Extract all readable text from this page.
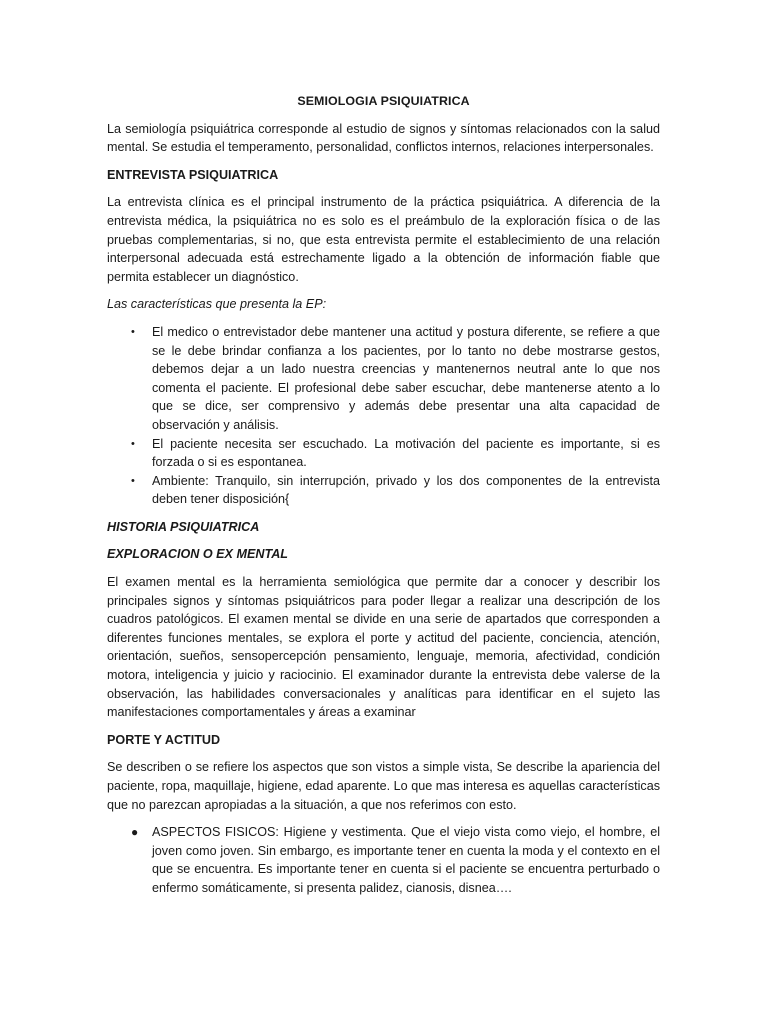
SEMIOLOGIA PSIQUIATRICA

La semiología psiquiátrica corresponde al estudio de signos y síntomas relacionados con la salud mental. Se estudia el temperamento, personalidad, conflictos internos, relaciones interpersonales.

ENTREVISTA PSIQUIATRICA

La entrevista clínica es el principal instrumento de la práctica psiquiátrica. A diferencia de la entrevista médica, la psiquiátrica no es solo es el preámbulo de la exploración física o de las pruebas complementarias, si no, que esta entrevista permite el establecimiento de una relación interpersonal adecuada está estrechamente ligado a la obtención de información fiable que permita establecer un diagnóstico.

Las características que presenta la EP:
• El medico o entrevistador debe mantener una actitud y postura diferente, se refiere a que se le debe brindar confianza a los pacientes, por lo tanto no debe mostrarse gestos, debemos dejar a un lado nuestra creencias y mantenernos neutral ante lo que nos comenta el paciente. El profesional debe saber escuchar, debe mantenerse atento a lo que se dice, ser comprensivo y además debe presentar una alta capacidad de observación y análisis.
• El paciente necesita ser escuchado. La motivación del paciente es importante, si es forzada o si es espontanea.
• Ambiente: Tranquilo, sin interrupción, privado y los dos componentes de la entrevista deben tener disposición{
HISTORIA PSIQUIATRICA
EXPLORACION O EX MENTAL

El examen mental es la herramienta semiológica que permite dar a conocer y describir los principales signos y síntomas psiquiátricos para poder llegar a realizar una descripción de los cuadros patológicos. El examen mental se divide en una serie de apartados que corresponden a diferentes funciones mentales, se explora el porte y actitud del paciente, conciencia, atención, orientación, sueños, sensopercepción pensamiento, lenguaje, memoria, afectividad, condición motora, inteligencia y juicio y raciocinio. El examinador durante la entrevista debe valerse de la observación, las habilidades conversacionales y analíticas para identificar en el sujeto las manifestaciones comportamentales y áreas a examinar

PORTE Y ACTITUD

Se describen o se refiere los aspectos que son vistos a simple vista, Se describe la apariencia del paciente, ropa, maquillaje, higiene, edad aparente. Lo que mas interesa es aquellas características que no parezcan apropiadas a la situación, a que nos referimos con esto.

● ASPECTOS FISICOS: Higiene y vestimenta. Que el viejo vista como viejo, el hombre, el joven como joven. Sin embargo, es importante tener en cuenta la moda y el contexto en el que se encuentra. Es importante tener en cuenta si el paciente se encuentra perturbado o enfermo somáticamente, si presenta palidez, cianosis, disnea….
